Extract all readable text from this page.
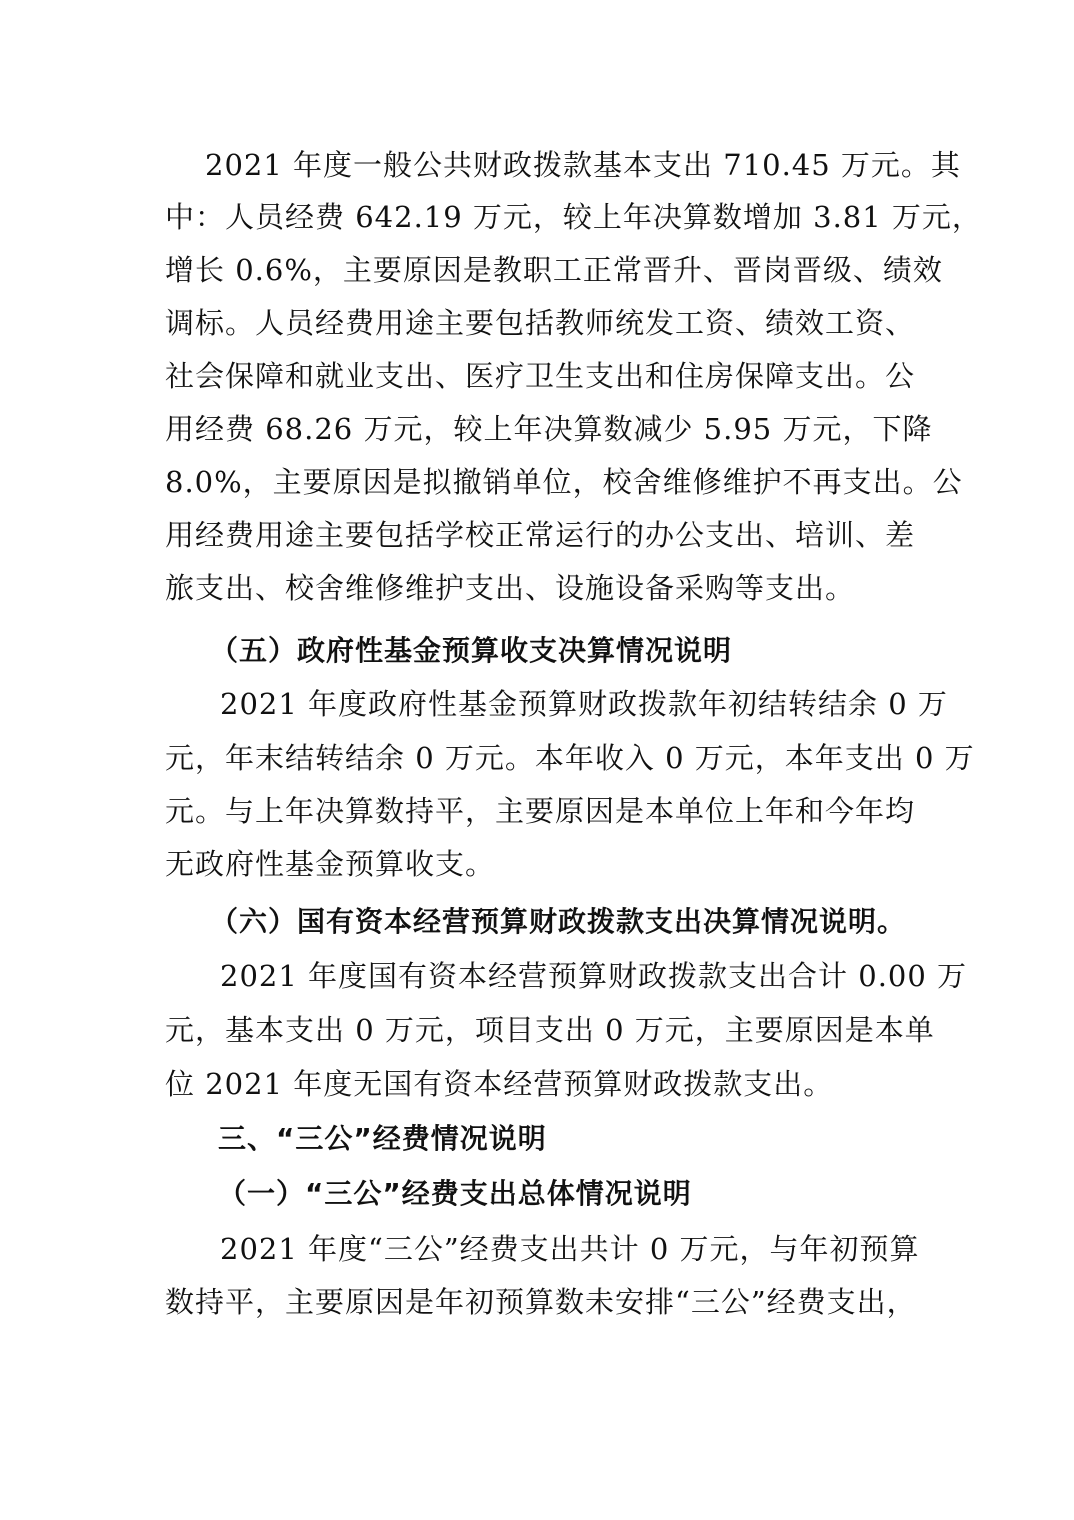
2021 年度一般公共财政拨款基本支出 710.45 万元。其
中：人员经费 642.19 万元，较上年决算数增加 3.81 万元，
增长 0.6%，主要原因是教职工正常晋升、晋岗晋级、绩效
调标。人员经费用途主要包括教师统发工资、绩效工资、
社会保障和就业支出、医疗卫生支出和住房保障支出。公
用经费 68.26 万元，较上年决算数减少 5.95 万元，下降
8.0%，主要原因是拟撤销单位，校舍维修维护不再支出。公
用经费用途主要包括学校正常运行的办公支出、培训、差
旅支出、校舍维修维护支出、设施设备采购等支出。
（五）政府性基金预算收支决算情况说明
2021 年度政府性基金预算财政拨款年初结转结余 0 万
元，年末结转结余 0 万元。本年收入 0 万元，本年支出 0 万
元。与上年决算数持平，主要原因是本单位上年和今年均
无政府性基金预算收支。
（六）国有资本经营预算财政拨款支出决算情况说明。
2021 年度国有资本经营预算财政拨款支出合计 0.00 万
元，基本支出 0 万元，项目支出 0 万元，主要原因是本单
位 2021 年度无国有资本经营预算财政拨款支出。
三、“三公”经费情况说明
（一）“三公”经费支出总体情况说明
2021 年度“三公”经费支出共计 0 万元，与年初预算
数持平，主要原因是年初预算数未安排“三公”经费支出，
